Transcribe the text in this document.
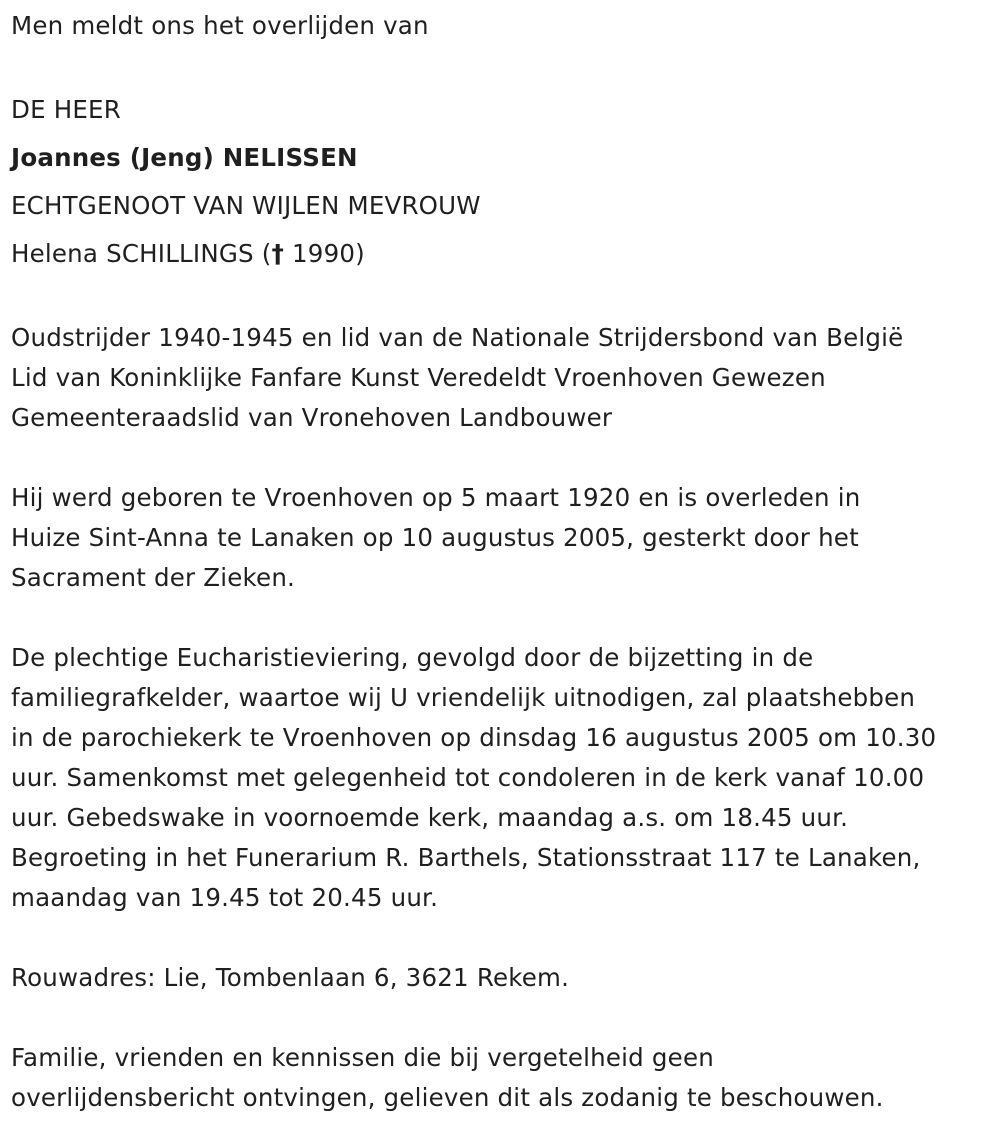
Men meldt ons het overlijden van
DE HEER
Joannes (Jeng) NELISSEN
ECHTGENOOT VAN WIJLEN MEVROUW
Helena SCHILLINGS († 1990)
Oudstrijder 1940-1945 en lid van de Nationale Strijdersbond van België
Lid van Koninklijke Fanfare Kunst Veredeldt Vroenhoven Gewezen
Gemeenteraadslid van Vronehoven Landbouwer
Hij werd geboren te Vroenhoven op 5 maart 1920 en is overleden in
Huize Sint-Anna te Lanaken op 10 augustus 2005, gesterkt door het
Sacrament der Zieken.
De plechtige Eucharistieviering, gevolgd door de bijzetting in de
familiegrafkelder, waartoe wij U vriendelijk uitnodigen, zal plaatshebben
in de parochiekerk te Vroenhoven op dinsdag 16 augustus 2005 om 10.30
uur. Samenkomst met gelegenheid tot condoleren in de kerk vanaf 10.00
uur. Gebedswake in voornoemde kerk, maandag a.s. om 18.45 uur.
Begroeting in het Funerarium R. Barthels, Stationsstraat 117 te Lanaken,
maandag van 19.45 tot 20.45 uur.
Rouwadres: Lie, Tombenlaan 6, 3621 Rekem.
Familie, vrienden en kennissen die bij vergetelheid geen
overlijdensbericht ontvingen, gelieven dit als zodanig te beschouwen.
